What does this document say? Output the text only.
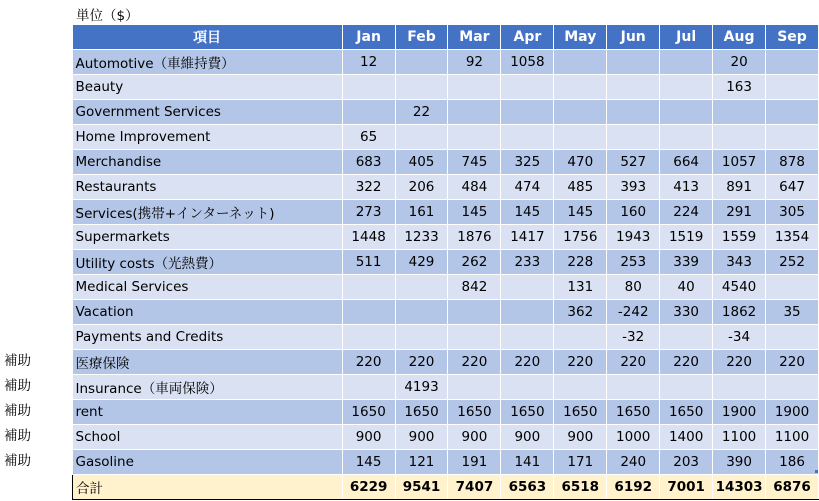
単位（$）
補助
補助
補助
補助
補助
項目	Jan	Feb	Mar	Apr	May	Jun	Jul	Aug	Sep
Automotive（車維持費）	12		92	1058				20	
Beauty								163	
Government Services		22							
Home Improvement	65								
Merchandise	683	405	745	325	470	527	664	1057	878
Restaurants	322	206	484	474	485	393	413	891	647
Services(携帯+インターネット)	273	161	145	145	145	160	224	291	305
Supermarkets	1448	1233	1876	1417	1756	1943	1519	1559	1354
Utility costs（光熱費）	511	429	262	233	228	253	339	343	252
Medical Services			842		131	80	40	4540	
Vacation					362	-242	330	1862	35
Payments and Credits						-32		-34	
医療保険	220	220	220	220	220	220	220	220	220
Insurance（車両保険）		4193							
rent	1650	1650	1650	1650	1650	1650	1650	1900	1900
School	900	900	900	900	900	1000	1400	1100	1100
Gasoline	145	121	191	141	171	240	203	390	186
合計	6229	9541	7407	6563	6518	6192	7001	14303	6876
